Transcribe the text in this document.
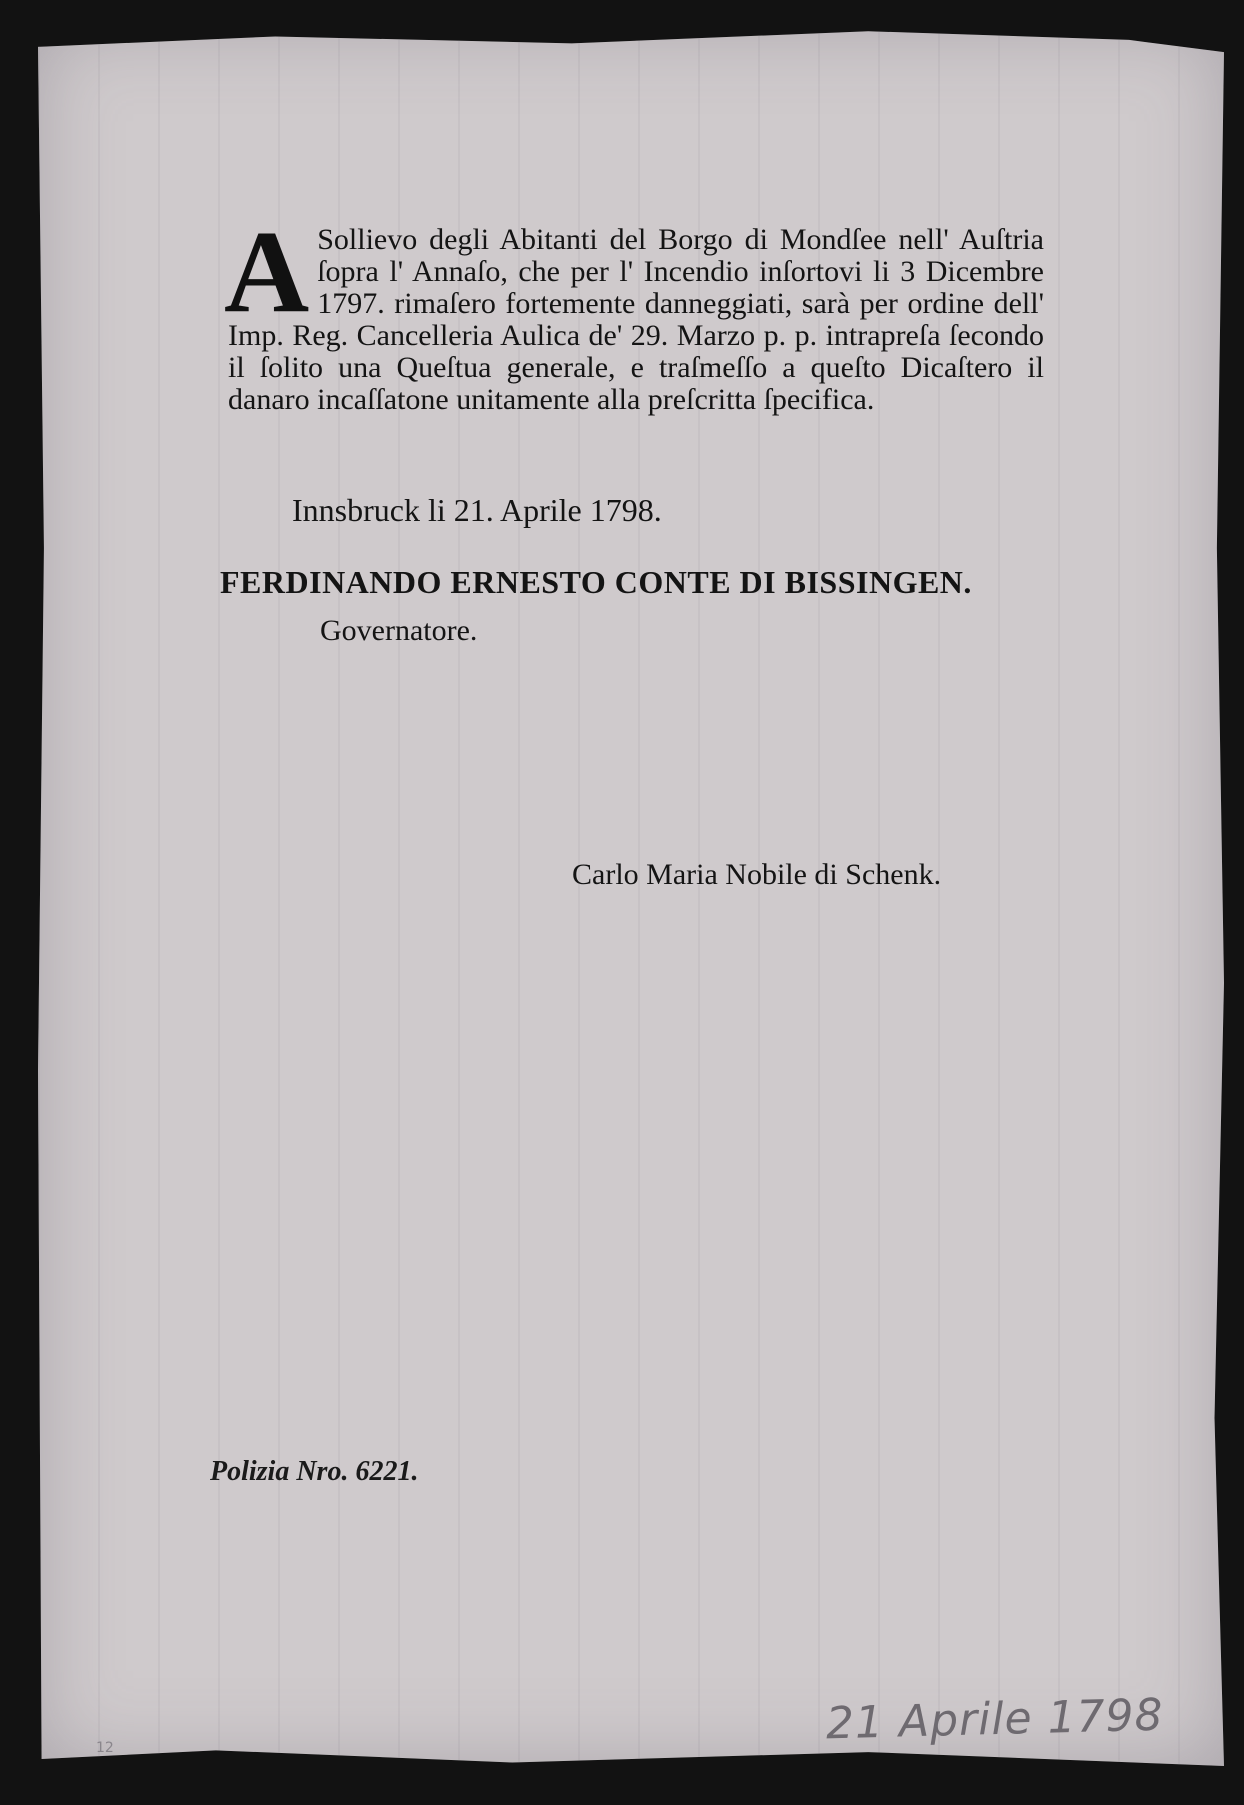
A Sollievo degli Abitanti del Borgo di Mondſee nell' Auſtria ſopra l' Annaſo, che per l' Incendio inſortovi li 3 Dicembre 1797. rimaſero fortemente danneggiati, sarà per ordine dell' Imp. Reg. Cancelleria Aulica de' 29. Marzo p. p. intrapreſa ſecondo il ſolito una Queſtua generale, e traſmeſſo a queſto Dicaſtero il danaro incaſſatone unitamente alla preſcritta ſpecifica.
Innsbruck li 21. Aprile 1798.
FERDINANDO ERNESTO CONTE DI BISSINGEN.
Governatore.
Carlo Maria Nobile di Schenk.
Polizia Nro. 6221.
21 Aprile 1798
12
